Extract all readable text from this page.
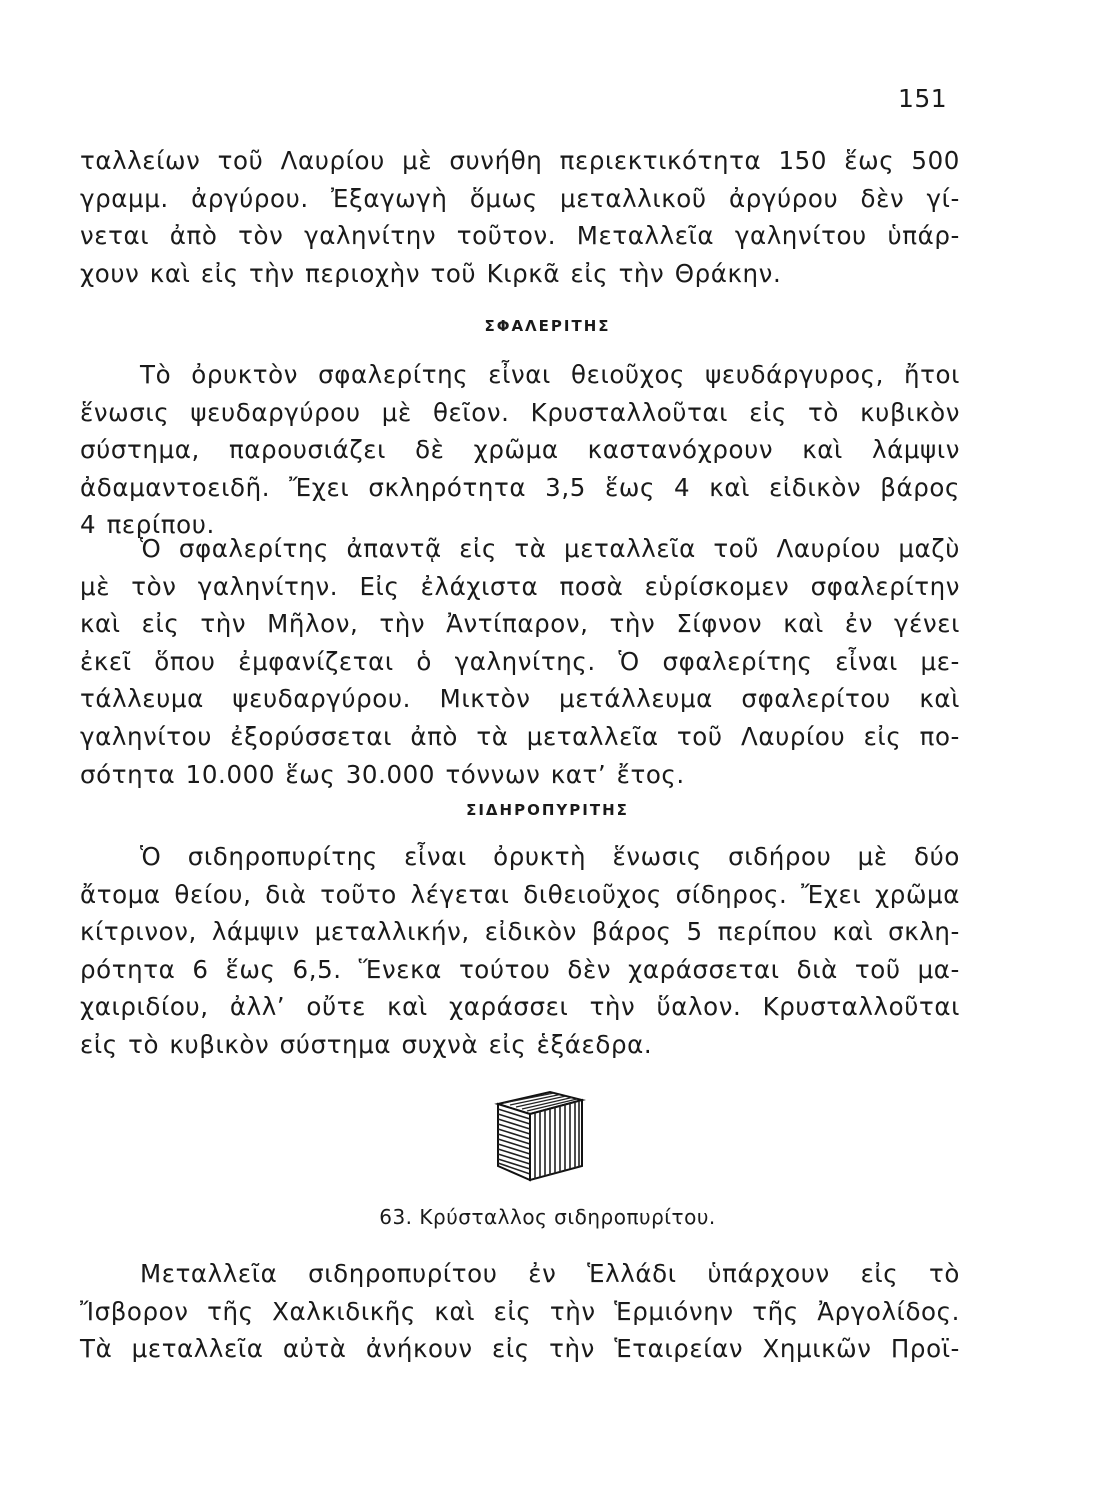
151
ταλλείων τοῦ Λαυρίου μὲ συνήθη περιεκτικότητα 150 ἕως 500
γραμμ. ἀργύρου. Ἐξαγωγὴ ὅμως μεταλλικοῦ ἀργύρου δὲν γί-
νεται ἀπὸ τὸν γαληνίτην τοῦτον. Μεταλλεῖα γαληνίτου ὑπάρ-
χουν καὶ εἰς τὴν περιοχὴν τοῦ Κιρκᾶ εἰς τὴν Θράκην.
ΣΦΑΛΕΡΙΤΗΣ
Τὸ ὀρυκτὸν σφαλερίτης εἶναι θειοῦχος ψευδάργυρος, ἤτοι
ἕνωσις ψευδαργύρου μὲ θεῖον. Κρυσταλλοῦται εἰς τὸ κυβικὸν
σύστημα, παρουσιάζει δὲ χρῶμα καστανόχρουν καὶ λάμψιν
ἀδαμαντοειδῆ. Ἔχει σκληρότητα 3,5 ἕως 4 καὶ εἰδικὸν βάρος
4 περίπου.
Ὁ σφαλερίτης ἀπαντᾷ εἰς τὰ μεταλλεῖα τοῦ Λαυρίου μαζὺ
μὲ τὸν γαληνίτην. Εἰς ἐλάχιστα ποσὰ εὑρίσκομεν σφαλερίτην
καὶ εἰς τὴν Μῆλον, τὴν Ἀντίπαρον, τὴν Σίφνον καὶ ἐν γένει
ἐκεῖ ὅπου ἐμφανίζεται ὁ γαληνίτης. Ὁ σφαλερίτης εἶναι με-
τάλλευμα ψευδαργύρου. Μικτὸν μετάλλευμα σφαλερίτου καὶ
γαληνίτου ἐξορύσσεται ἀπὸ τὰ μεταλλεῖα τοῦ Λαυρίου εἰς πο-
σότητα 10.000 ἕως 30.000 τόννων κατ’ ἔτος.
ΣΙΔΗΡΟΠΥΡΙΤΗΣ
Ὁ σιδηροπυρίτης εἶναι ὀρυκτὴ ἕνωσις σιδήρου μὲ δύο
ἄτομα θείου, διὰ τοῦτο λέγεται διθειοῦχος σίδηρος. Ἔχει χρῶμα
κίτρινον, λάμψιν μεταλλικήν, εἰδικὸν βάρος 5 περίπου καὶ σκλη-
ρότητα 6 ἕως 6,5. Ἕνεκα τούτου δὲν χαράσσεται διὰ τοῦ μα-
χαιριδίου, ἀλλ’ οὔτε καὶ χαράσσει τὴν ὕαλον. Κρυσταλλοῦται
εἰς τὸ κυβικὸν σύστημα συχνὰ εἰς ἑξάεδρα.
63. Κρύσταλλος σιδηροπυρίτου.
Μεταλλεῖα σιδηροπυρίτου ἐν Ἑλλάδι ὑπάρχουν εἰς τὸ
Ἴσβορον τῆς Χαλκιδικῆς καὶ εἰς τὴν Ἑρμιόνην τῆς Ἀργολίδος.
Τὰ μεταλλεῖα αὐτὰ ἀνήκουν εἰς τὴν Ἑταιρείαν Χημικῶν Προϊ-
